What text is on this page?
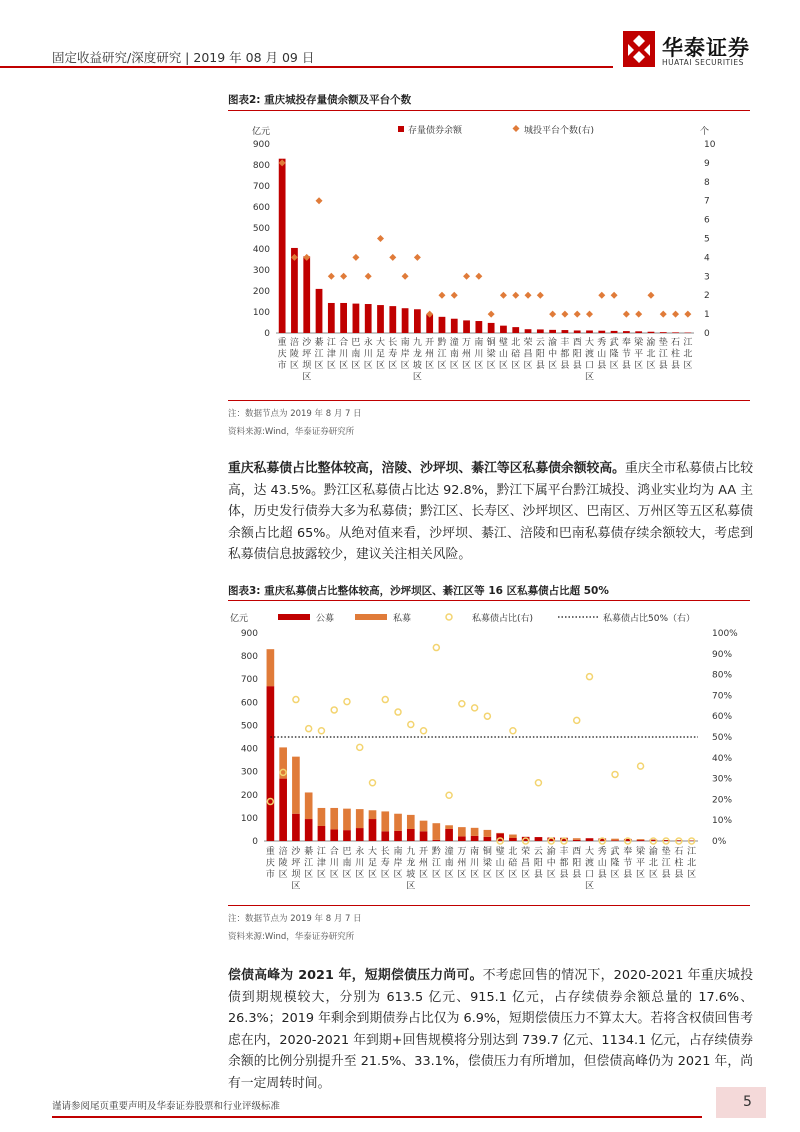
固定收益研究/深度研究 | 2019 年 08 月 09 日	华泰证券
HUATAI SECURITIES
图表2: 重庆城投存量债余额及平台个数
亿元	个
存量债券余额	城投平台个数(右)
0
100
200
300
400
500
600
700
800
900
0
1
2
3
4
5
6
7
8
9
10
重庆市
涪陵区
沙坪坝区
綦江区
江津区
合川区
巴南区
永川区
大足区
长寿区
南岸区
九龙坡区
开州区
黔江区
潼南区
万州区
南川区
铜梁区
璧山区
北碚区
荣昌区
云阳县
渝中区
丰都县
酉阳县
大渡口区
秀山县
武隆区
奉节县
梁平区
渝北区
垫江县
石柱县
江北区
注：数据节点为 2019 年 8 月 7 日
资料来源:Wind，华泰证券研究所
重庆私募债占比整体较高，涪陵、沙坪坝、綦江等区私募债余额较高。重庆全市私募债占比较高，达 43.5%。黔江区私募债占比达 92.8%，黔江下属平台黔江城投、鸿业实业均为 AA 主体，历史发行债券大多为私募债；黔江区、长寿区、沙坪坝区、巴南区、万州区等五区私募债余额占比超 65%。从绝对值来看，沙坪坝、綦江、涪陵和巴南私募债存续余额较大，考虑到私募债信息披露较少，建议关注相关风险。
图表3: 重庆私募债占比整体较高，沙坪坝区、綦江区等 16 区私募债占比超 50%
亿元	公募	私募	私募债占比(右)	私募债占比50%（右）
0
100
200
300
400
500
600
700
800
900
0%
10%
20%
30%
40%
50%
60%
70%
80%
90%
100%
重庆市
涪陵区
沙坪坝区
綦江区
江津区
合川区
巴南区
永川区
大足区
长寿区
南岸区
九龙坡区
开州区
黔江区
潼南区
万州区
南川区
铜梁区
璧山区
北碚区
荣昌区
云阳县
渝中区
丰都县
酉阳县
大渡口区
秀山县
武隆区
奉节县
梁平区
渝北区
垫江县
石柱县
江北区
注：数据节点为 2019 年 8 月 7 日
资料来源:Wind，华泰证券研究所
偿债高峰为 2021 年，短期偿债压力尚可。不考虑回售的情况下，2020-2021 年重庆城投债到期规模较大，分别为 613.5 亿元、915.1 亿元，占存续债券余额总量的 17.6%、26.3%；2019 年剩余到期债券占比仅为 6.9%，短期偿债压力不算太大。若将含权债回售考虑在内，2020-2021 年到期+回售规模将分别达到 739.7 亿元、1134.1 亿元，占存续债券余额的比例分别提升至 21.5%、33.1%，偿债压力有所增加，但偿债高峰仍为 2021 年，尚有一定周转时间。
谨请参阅尾页重要声明及华泰证券股票和行业评级标准	5
